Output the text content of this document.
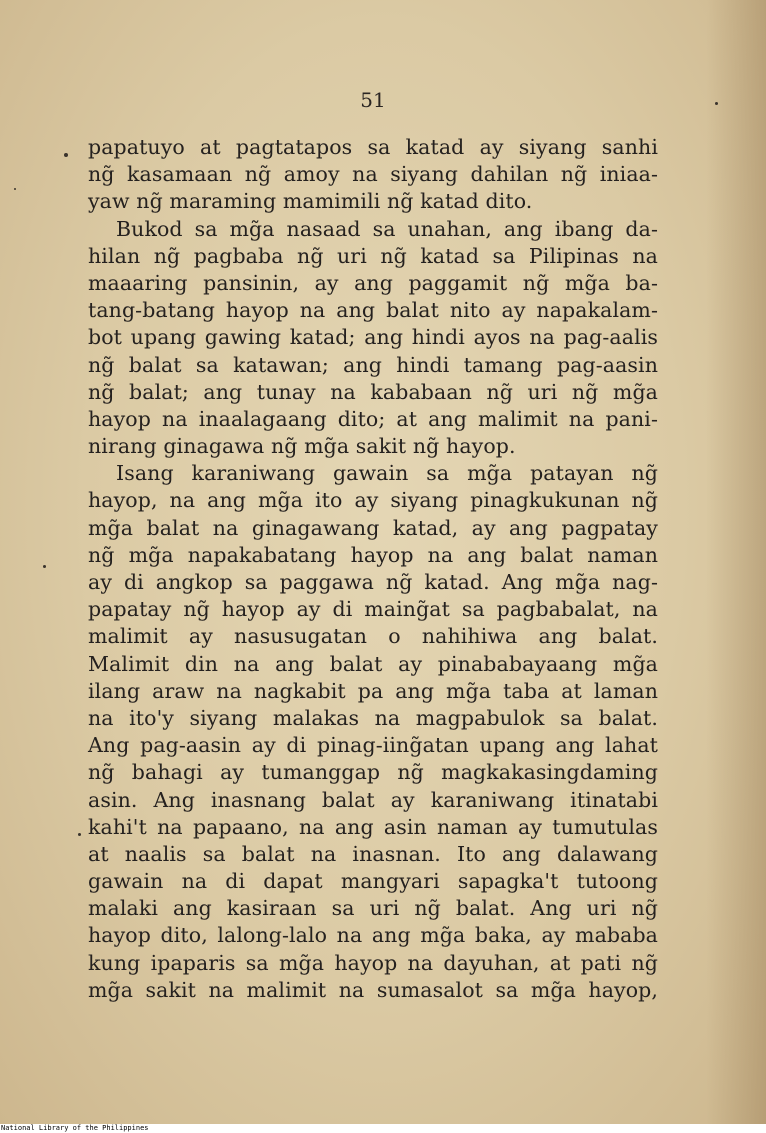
51
papatuyo at pagtatapos sa katad ay siyang sanhi
ng̃ kasamaan ng̃ amoy na siyang dahilan ng̃ iniaa-
yaw ng̃ maraming mamimili ng̃ katad dito.
Bukod sa mg̃a nasaad sa unahan, ang ibang da-
hilan ng̃ pagbaba ng̃ uri ng̃ katad sa Pilipinas na
maaaring pansinin, ay ang paggamit ng̃ mg̃a ba-
tang-batang hayop na ang balat nito ay napakalam-
bot upang gawing katad; ang hindi ayos na pag-aalis
ng̃ balat sa katawan; ang hindi tamang pag-aasin
ng̃ balat; ang tunay na kababaan ng̃ uri ng̃ mg̃a
hayop na inaalagaang dito; at ang malimit na pani-
nirang ginagawa ng̃ mg̃a sakit ng̃ hayop.
Isang karaniwang gawain sa mg̃a patayan ng̃
hayop, na ang mg̃a ito ay siyang pinagkukunan ng̃
mg̃a balat na ginagawang katad, ay ang pagpatay
ng̃ mg̃a napakabatang hayop na ang balat naman
ay di angkop sa paggawa ng̃ katad. Ang mg̃a nag-
papatay ng̃ hayop ay di maing̃at sa pagbabalat, na
malimit ay nasusugatan o nahihiwa ang balat.
Malimit din na ang balat ay pinababayaang mg̃a
ilang araw na nagkabit pa ang mg̃a taba at laman
na ito'y siyang malakas na magpabulok sa balat.
Ang pag-aasin ay di pinag-iing̃atan upang ang lahat
ng̃ bahagi ay tumanggap ng̃ magkakasingdaming
asin. Ang inasnang balat ay karaniwang itinatabi
kahi't na papaano, na ang asin naman ay tumutulas
at naalis sa balat na inasnan. Ito ang dalawang
gawain na di dapat mangyari sapagka't tutoong
malaki ang kasiraan sa uri ng̃ balat. Ang uri ng̃
hayop dito, lalong-lalo na ang mg̃a baka, ay mababa
kung ipaparis sa mg̃a hayop na dayuhan, at pati ng̃
mg̃a sakit na malimit na sumasalot sa mg̃a hayop,
National Library of the Philippines
